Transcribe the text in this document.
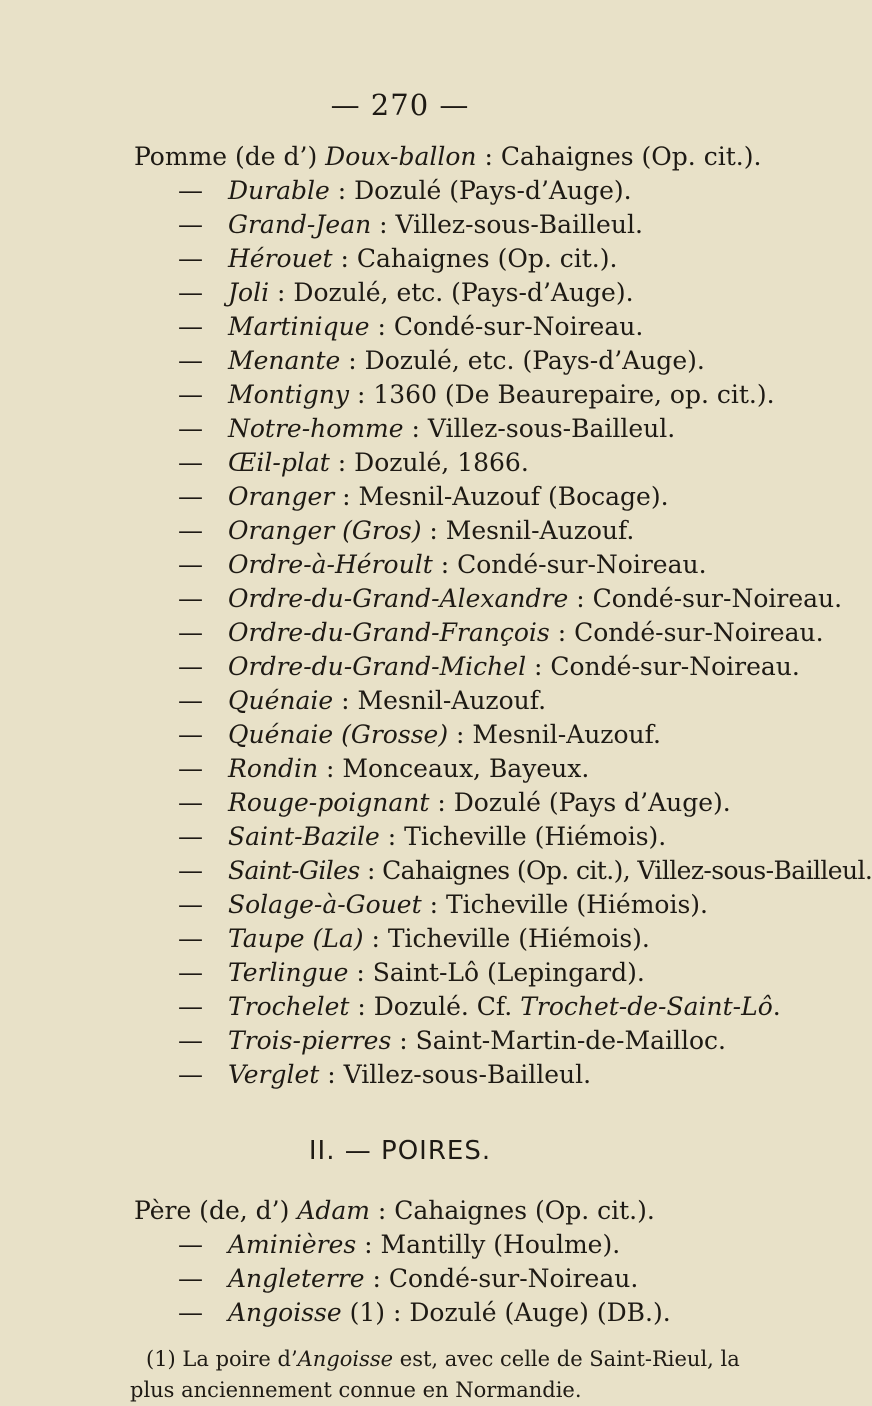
— 270 —
Pomme (de d’) Doux-ballon : Cahaignes (Op. cit.).
— Durable : Dozulé (Pays-d’Auge).
— Grand-Jean : Villez-sous-Bailleul.
— Hérouet : Cahaignes (Op. cit.).
— Joli : Dozulé, etc. (Pays-d’Auge).
— Martinique : Condé-sur-Noireau.
— Menante : Dozulé, etc. (Pays-d’Auge).
— Montigny : 1360 (De Beaurepaire, op. cit.).
— Notre-homme : Villez-sous-Bailleul.
— Œil-plat : Dozulé, 1866.
— Oranger : Mesnil-Auzouf (Bocage).
— Oranger (Gros) : Mesnil-Auzouf.
— Ordre-à-Héroult : Condé-sur-Noireau.
— Ordre-du-Grand-Alexandre : Condé-sur-Noireau.
— Ordre-du-Grand-François : Condé-sur-Noireau.
— Ordre-du-Grand-Michel : Condé-sur-Noireau.
— Quénaie : Mesnil-Auzouf.
— Quénaie (Grosse) : Mesnil-Auzouf.
— Rondin : Monceaux, Bayeux.
— Rouge-poignant : Dozulé (Pays d’Auge).
— Saint-Bazile : Ticheville (Hiémois).
— Saint-Giles : Cahaignes (Op. cit.), Villez-sous-Bailleul.
— Solage-à-Gouet : Ticheville (Hiémois).
— Taupe (La) : Ticheville (Hiémois).
— Terlingue : Saint-Lô (Lepingard).
— Trochelet : Dozulé. Cf. Trochet-de-Saint-Lô.
— Trois-pierres : Saint-Martin-de-Mailloc.
— Verglet : Villez-sous-Bailleul.
II. — POIRES.
Père (de, d’) Adam : Cahaignes (Op. cit.).
— Aminières : Mantilly (Houlme).
— Angleterre : Condé-sur-Noireau.
— Angoisse (1) : Dozulé (Auge) (DB.).
(1) La poire d’Angoisse est, avec celle de Saint-Rieul, la plus anciennement connue en Normandie.
